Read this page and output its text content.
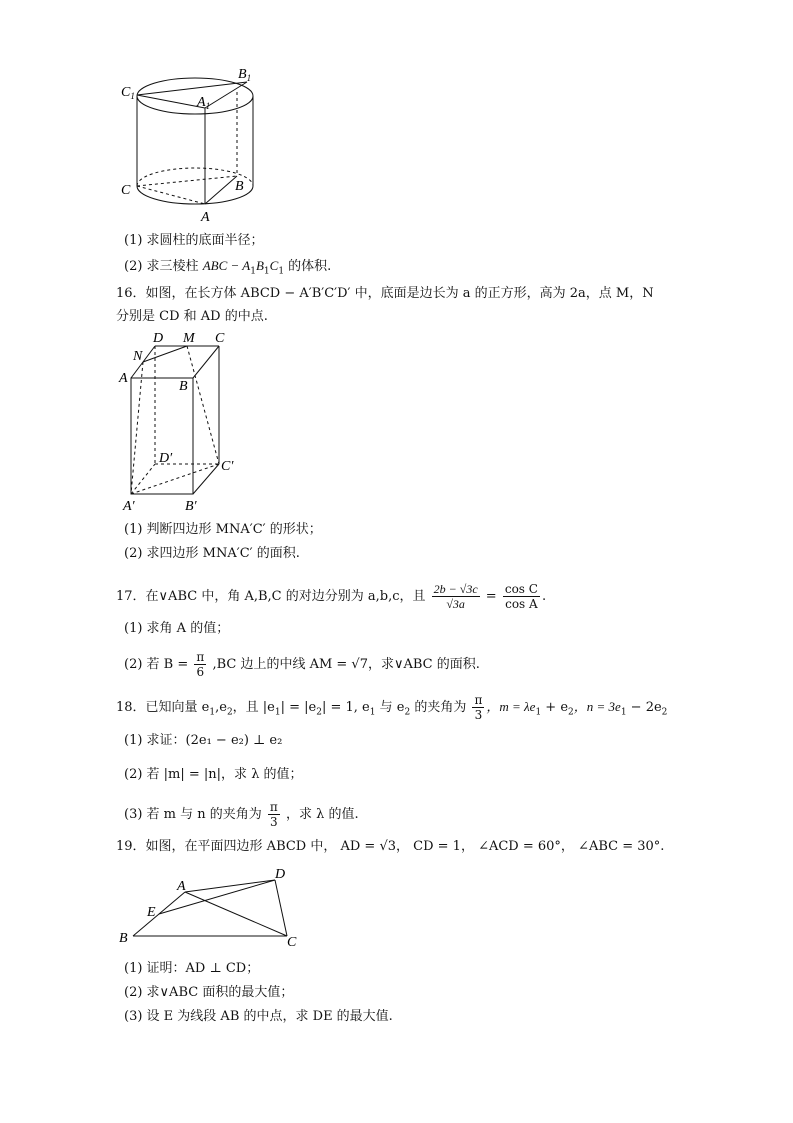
$C_1$
$B_1$
$A_1$
C	B
A
(1) 求圆柱的底面半径；
(2) 求三棱柱 ABC − $A_1B_1C_1$ 的体积.
16．如图，在长方体 ABCD − A′B′C′D′ 中，底面是边长为 a 的正方形，高为 2a，点 M，N
分别是 CD 和 AD 的中点.
N
D M C
A
B
D′
C′
A′	B′
(1) 判断四边形 MNA′C′ 的形状；
(2) 求四边形 MNA′C′ 的面积.
17．在∨ABC 中，角 A,B,C 的对边分别为 a,b,c，且 $\frac{2b - √3c}{√3a} = \frac{\text{cos C}}{\text{cos A}}$ .
(1) 求角 A 的值；
(2) 若 $B = \frac{\pi}{6} ,BC$ 边上的中线 AM = √7，求∨ABC 的面积.
18．已知向量 $e_1,e_2$，且 $|e_1| = |e_2| = 1$, $e_1$ 与 $e_2$ 的夹角为 $\frac{\pi}{3}$ ，$m = \lambda e_1 + e_2$，$n = 3e_1 - 2e_2$
(1) 求证：(2e₁ − e₂) ⊥ e₂
(2) 若 |m| = |n|，求 λ 的值；
(3) 若 m 与 n 的夹角为 $\frac{\pi}{3}$ ，求 λ 的值.
19．如图，在平面四边形 ABCD 中， AD = √3， CD = 1， ∠ACD = 60°， ∠ABC = 30°.
A
D
E
B	C
(1) 证明：AD ⊥ CD；
(2) 求∨ABC 面积的最大值；
(3) 设 E 为线段 AB 的中点，求 DE 的最大值.
